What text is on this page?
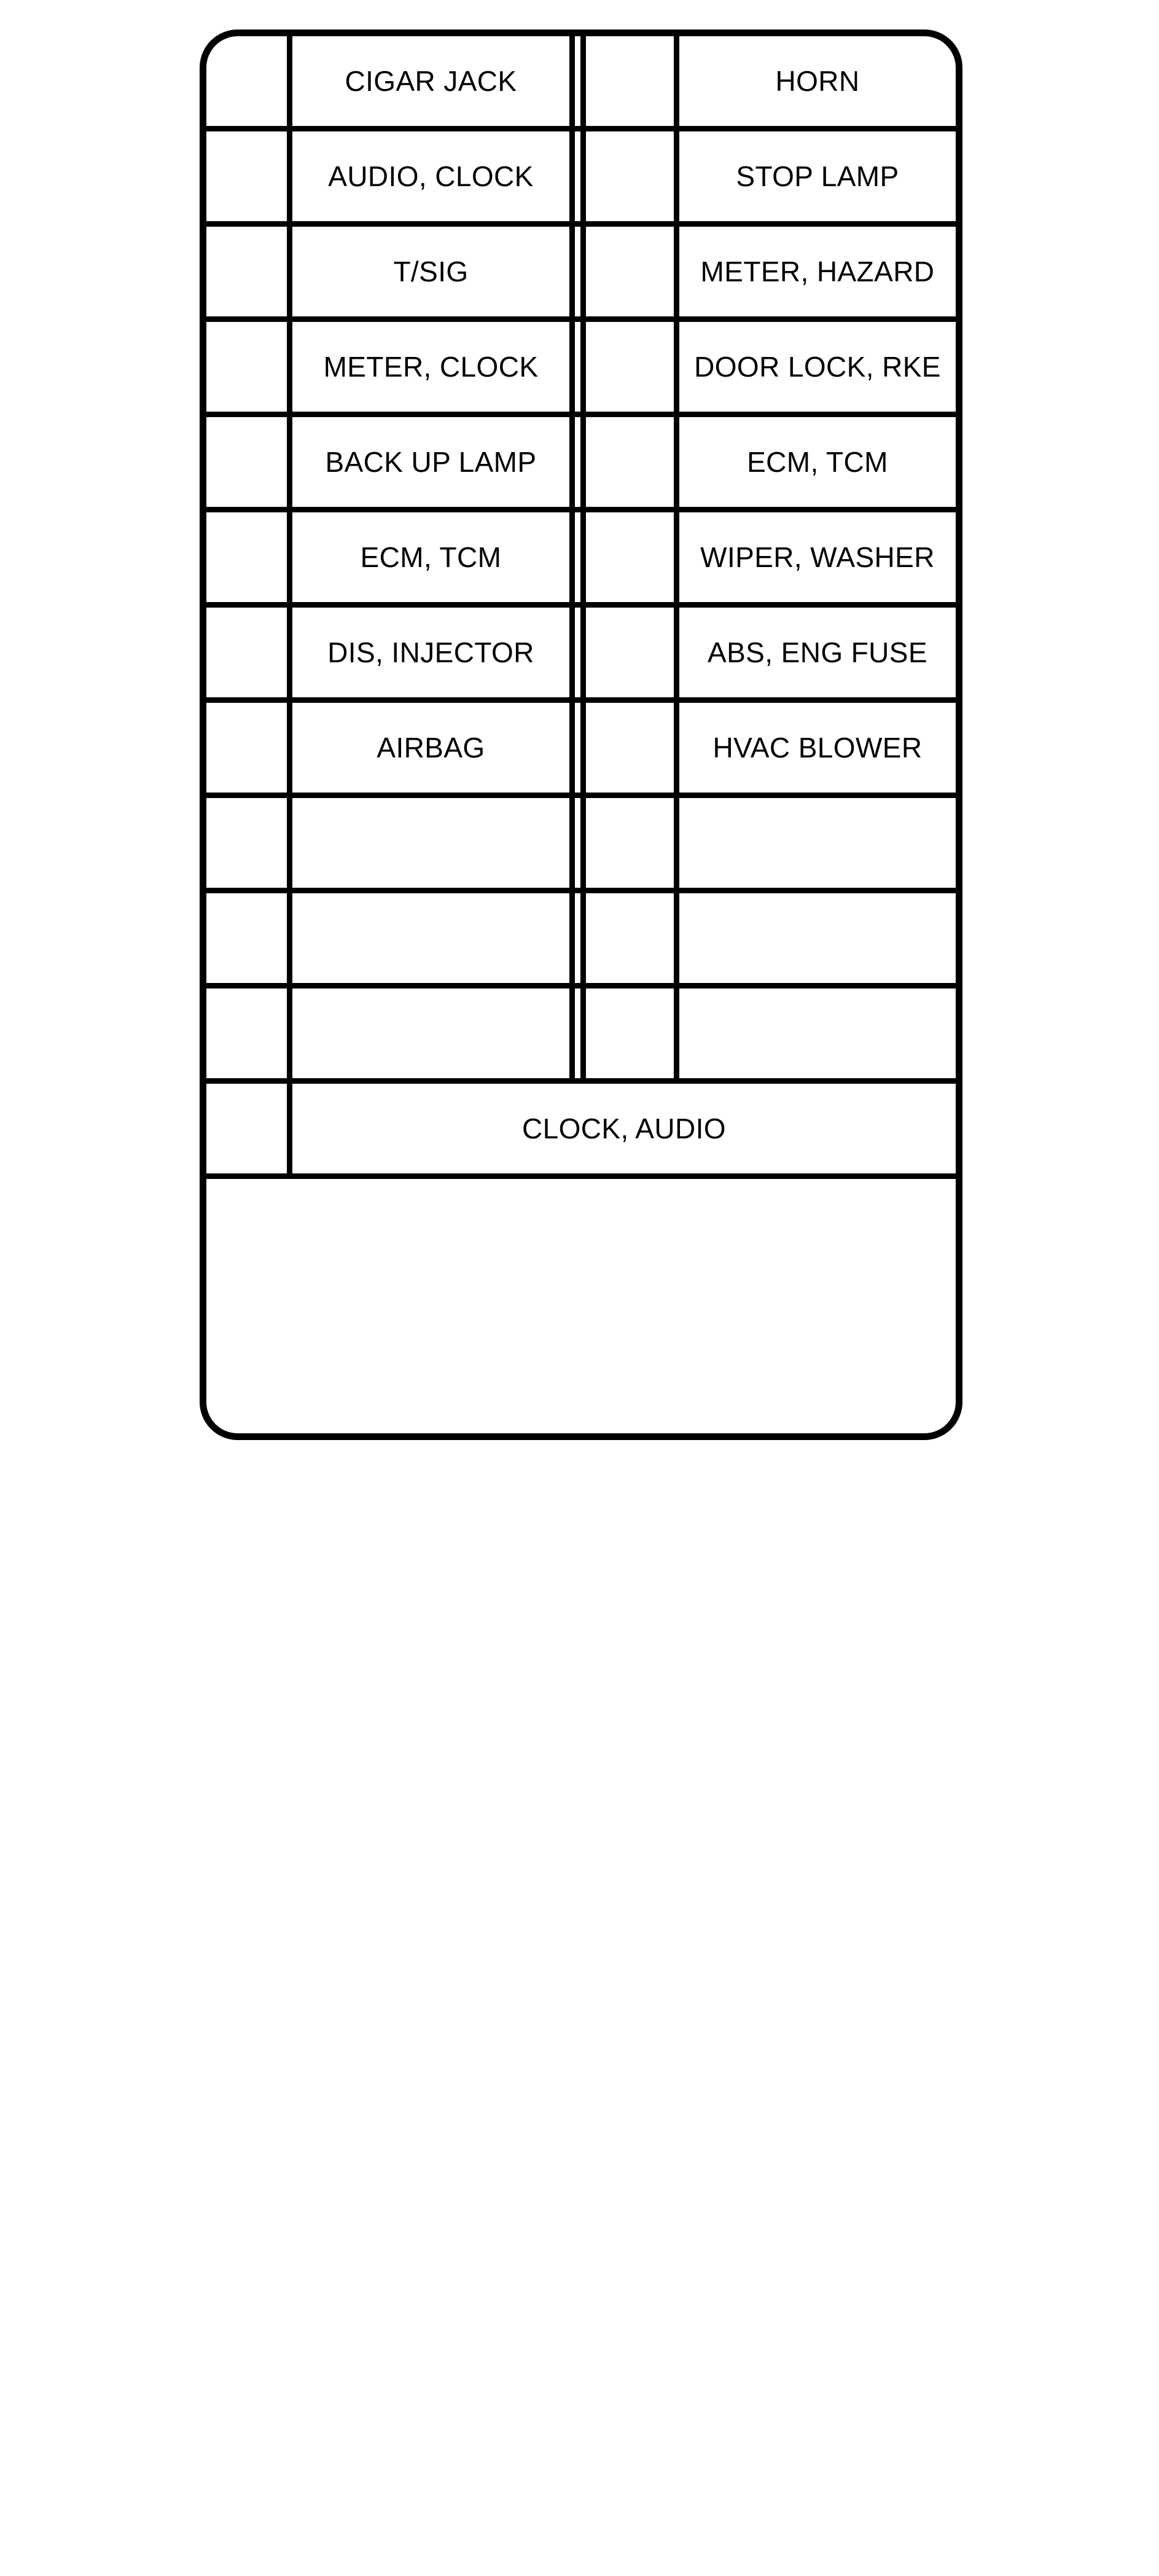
CIGAR JACK	HORN
AUDIO, CLOCK	STOP LAMP
T/SIG	METER, HAZARD
METER, CLOCK	DOOR LOCK, RKE
BACK UP LAMP	ECM, TCM
ECM, TCM	WIPER, WASHER
DIS, INJECTOR	ABS, ENG FUSE
AIRBAG	HVAC BLOWER
CLOCK, AUDIO
